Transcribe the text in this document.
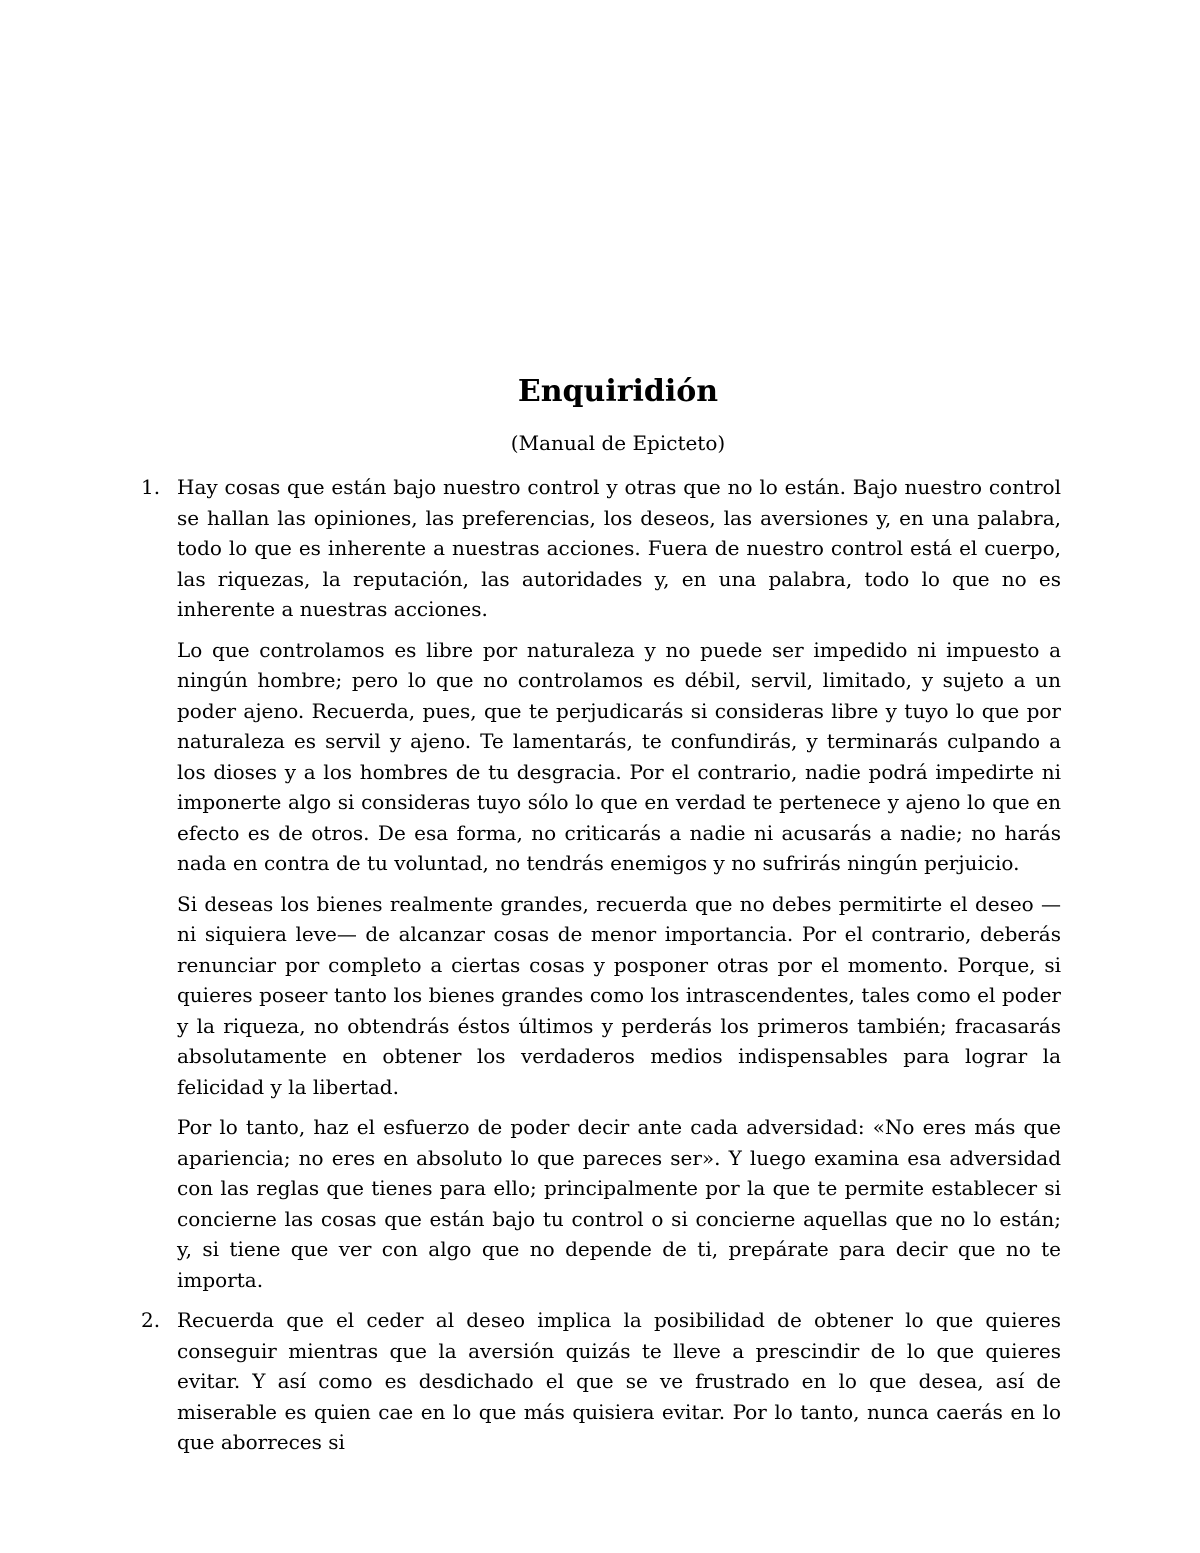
Enquiridión

(Manual de Epicteto)

1. Hay cosas que están bajo nuestro control y otras que no lo están. Bajo nuestro control se hallan las opiniones, las preferencias, los deseos, las aversiones y, en una palabra, todo lo que es inherente a nuestras acciones. Fuera de nuestro control está el cuerpo, las riquezas, la reputación, las autoridades y, en una palabra, todo lo que no es inherente a nuestras acciones.

Lo que controlamos es libre por naturaleza y no puede ser impedido ni impuesto a ningún hombre; pero lo que no controlamos es débil, servil, limitado, y sujeto a un poder ajeno. Recuerda, pues, que te perjudicarás si consideras libre y tuyo lo que por naturaleza es servil y ajeno. Te lamentarás, te confundirás, y terminarás culpando a los dioses y a los hombres de tu desgracia. Por el contrario, nadie podrá impedirte ni imponerte algo si consideras tuyo sólo lo que en verdad te pertenece y ajeno lo que en efecto es de otros. De esa forma, no criticarás a nadie ni acusarás a nadie; no harás nada en contra de tu voluntad, no tendrás enemigos y no sufrirás ningún perjuicio.

Si deseas los bienes realmente grandes, recuerda que no debes permitirte el deseo —ni siquiera leve— de alcanzar cosas de menor importancia. Por el contrario, deberás renunciar por completo a ciertas cosas y posponer otras por el momento. Porque, si quieres poseer tanto los bienes grandes como los intrascendentes, tales como el poder y la riqueza, no obtendrás éstos últimos y perderás los primeros también; fracasarás absolutamente en obtener los verdaderos medios indispensables para lograr la felicidad y la libertad.

Por lo tanto, haz el esfuerzo de poder decir ante cada adversidad: «No eres más que apariencia; no eres en absoluto lo que pareces ser». Y luego examina esa adversidad con las reglas que tienes para ello; principalmente por la que te permite establecer si concierne las cosas que están bajo tu control o si concierne aquellas que no lo están; y, si tiene que ver con algo que no depende de ti, prepárate para decir que no te importa.

2. Recuerda que el ceder al deseo implica la posibilidad de obtener lo que quieres conseguir mientras que la aversión quizás te lleve a prescindir de lo que quieres evitar. Y así como es desdichado el que se ve frustrado en lo que desea, así de miserable es quien cae en lo que más quisiera evitar. Por lo tanto, nunca caerás en lo que aborreces si
